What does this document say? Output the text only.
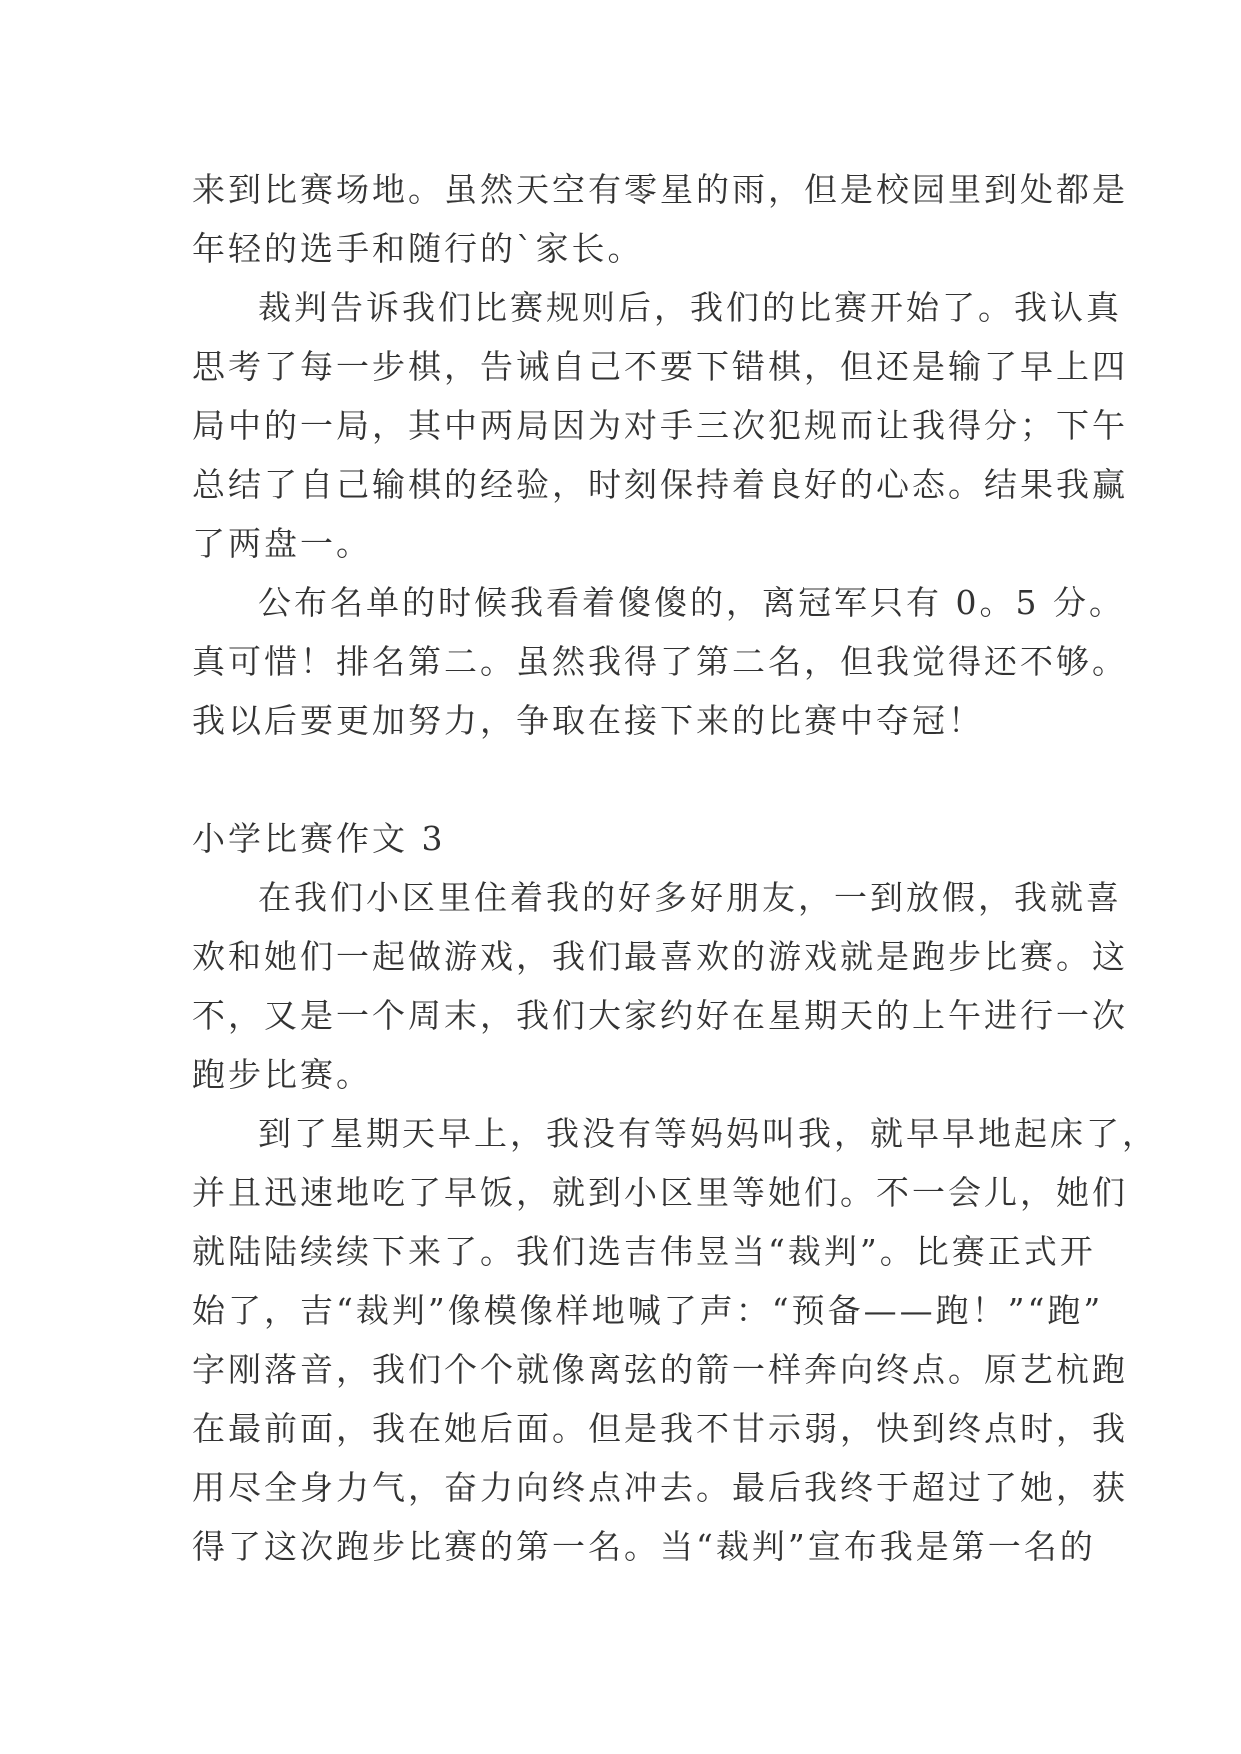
来到比赛场地。虽然天空有零星的雨，但是校园里到处都是
年轻的选手和随行的`家长。
裁判告诉我们比赛规则后，我们的比赛开始了。我认真
思考了每一步棋，告诫自己不要下错棋，但还是输了早上四
局中的一局，其中两局因为对手三次犯规而让我得分；下午
总结了自己输棋的经验，时刻保持着良好的心态。结果我赢
了两盘一。
公布名单的时候我看着傻傻的，离冠军只有 0。5 分。
真可惜！排名第二。虽然我得了第二名，但我觉得还不够。
我以后要更加努力，争取在接下来的比赛中夺冠！
小学比赛作文 3
在我们小区里住着我的好多好朋友，一到放假，我就喜
欢和她们一起做游戏，我们最喜欢的游戏就是跑步比赛。这
不，又是一个周末，我们大家约好在星期天的上午进行一次
跑步比赛。
到了星期天早上，我没有等妈妈叫我，就早早地起床了，
并且迅速地吃了早饭，就到小区里等她们。不一会儿，她们
就陆陆续续下来了。我们选吉伟昱当“裁判”。比赛正式开
始了，吉“裁判”像模像样地喊了声：“预备——跑！”“跑”
字刚落音，我们个个就像离弦的箭一样奔向终点。原艺杭跑
在最前面，我在她后面。但是我不甘示弱，快到终点时，我
用尽全身力气，奋力向终点冲去。最后我终于超过了她，获
得了这次跑步比赛的第一名。当“裁判”宣布我是第一名的
